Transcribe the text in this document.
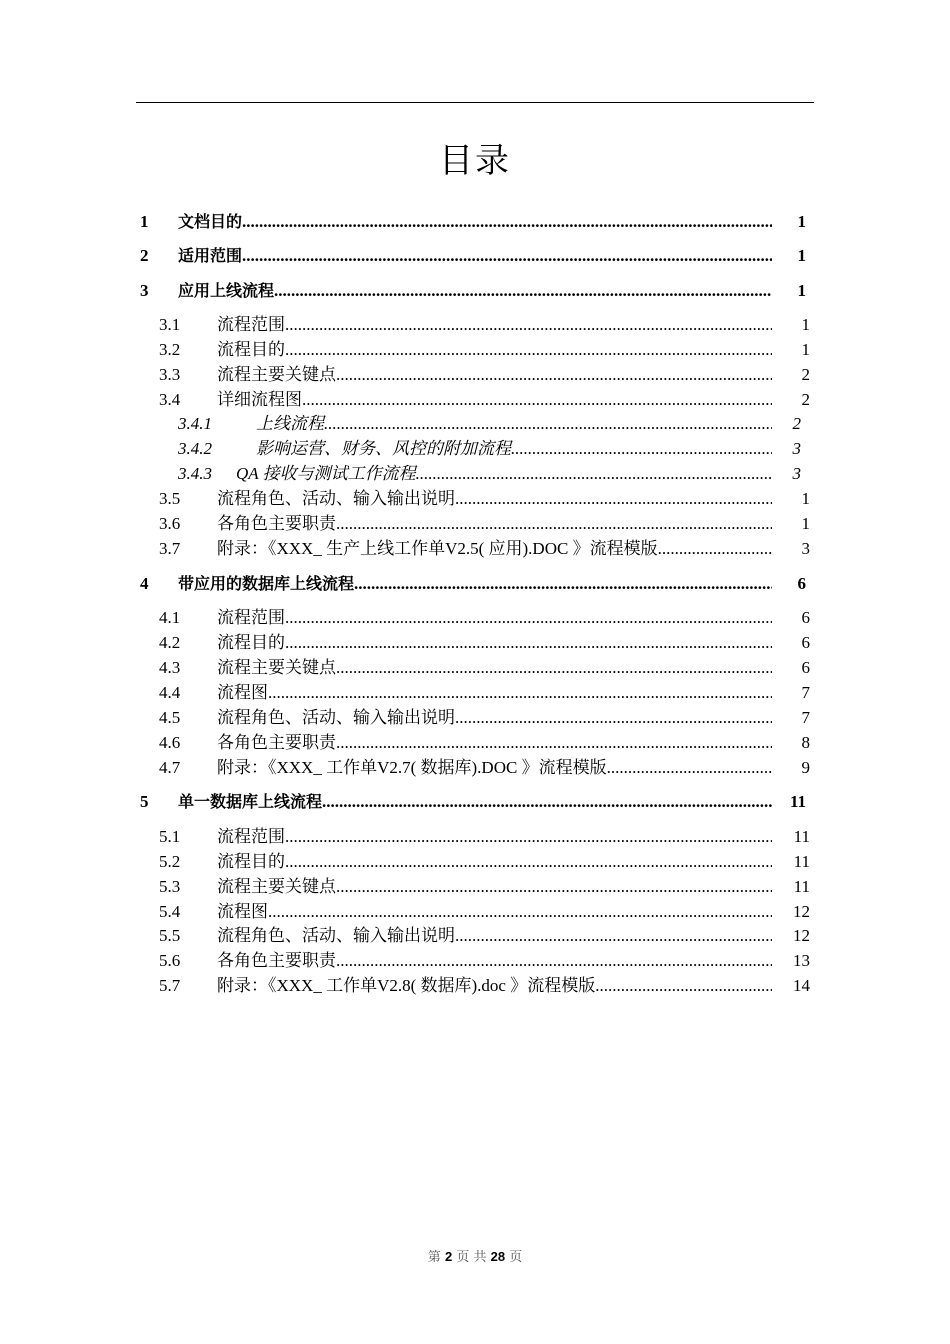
目录
1	文档目的 .....	1
2	适用范围 .....	1
3	应用上线流程 .....	1
3.1	流程范围 .....	1
3.2	流程目的 .....	1
3.3	流程主要关键点 .....	2
3.4	详细流程图 .....	2
3.4.1	上线流程 .....	2
3.4.2	影响运营、财务、风控的附加流程 .....	3
3.4.3	QA 接收与测试工作流程 .....	3
3.5	流程角色、活动、输入输出说明 .....	1
3.6	各角色主要职责 .....	1
3.7	附录：《XXX_ 生产上线工作单V2.5( 应用).DOC 》流程模版 .....	3
4	带应用的数据库上线流程 .....	6
4.1	流程范围 .....	6
4.2	流程目的 .....	6
4.3	流程主要关键点 .....	6
4.4	流程图 .....	7
4.5	流程角色、活动、输入输出说明 .....	7
4.6	各角色主要职责 .....	8
4.7	附录：《XXX_ 工作单V2.7( 数据库).DOC 》流程模版 .....	9
5	单一数据库上线流程 .....	11
5.1	流程范围 .....	11
5.2	流程目的 .....	11
5.3	流程主要关键点 .....	11
5.4	流程图 .....	12
5.5	流程角色、活动、输入输出说明 .....	12
5.6	各角色主要职责 .....	13
5.7	附录：《XXX_ 工作单V2.8( 数据库).doc 》流程模版 .....	14
第 2 页 共 28 页
